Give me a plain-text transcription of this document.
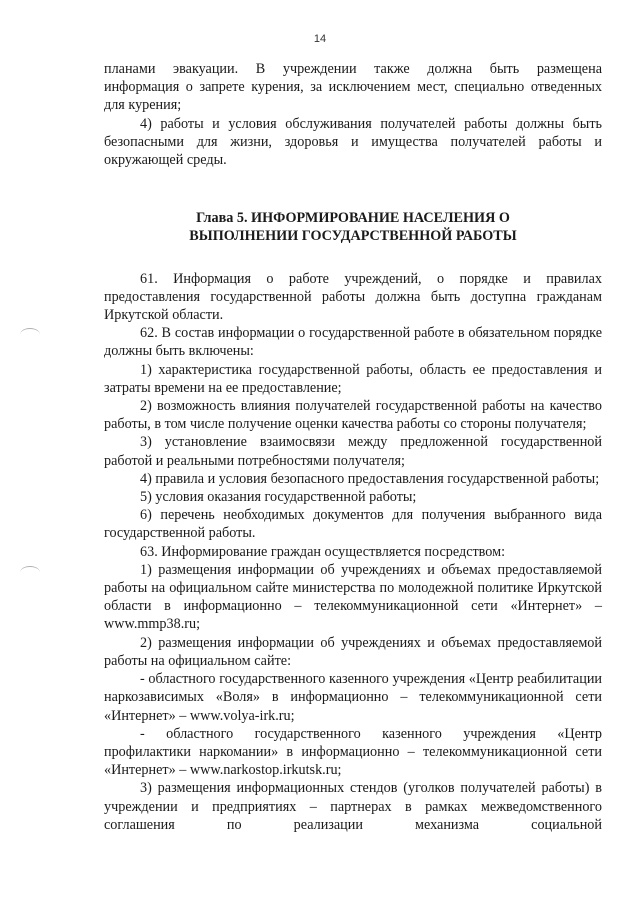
14

планами эвакуации. В учреждении также должна быть размещена

информация о запрете курения, за исключением мест, специально отведенных для курения;

4) работы и условия обслуживания получателей работы должны быть безопасными для жизни, здоровья и имущества получателей работы и окружающей среды.

Глава 5. ИНФОРМИРОВАНИЕ НАСЕЛЕНИЯ О
ВЫПОЛНЕНИИ ГОСУДАРСТВЕННОЙ РАБОТЫ

61. Информация о работе учреждений, о порядке и правилах предоставления государственной работы должна быть доступна гражданам Иркутской области.

62. В состав информации о государственной работе в обязательном порядке должны быть включены:

1) характеристика государственной работы, область ее предоставления и затраты времени на ее предоставление;

2) возможность влияния получателей государственной работы на качество работы, в том числе получение оценки качества работы со стороны получателя;

3) установление взаимосвязи между предложенной государственной работой и реальными потребностями получателя;

4) правила и условия безопасного предоставления государственной работы;

5) условия оказания государственной работы;

6) перечень необходимых документов для получения выбранного вида государственной работы.

63. Информирование граждан осуществляется посредством:

1) размещения информации об учреждениях и объемах предоставляемой работы на официальном сайте министерства по молодежной политике Иркутской области в информационно – телекоммуникационной сети «Интернет» – www.mmp38.ru;

2) размещения информации об учреждениях и объемах предоставляемой работы на официальном сайте:

- областного государственного казенного учреждения «Центр реабилитации наркозависимых «Воля» в информационно – телекоммуникационной сети «Интернет» – www.volya-irk.ru;

- областного государственного казенного учреждения «Центр профилактики наркомании» в информационно – телекоммуникационной сети «Интернет» – www.narkostop.irkutsk.ru;

3) размещения информационных стендов (уголков получателей работы) в учреждении и предприятиях – партнерах в рамках межведомственного соглашения по реализации механизма социальной
